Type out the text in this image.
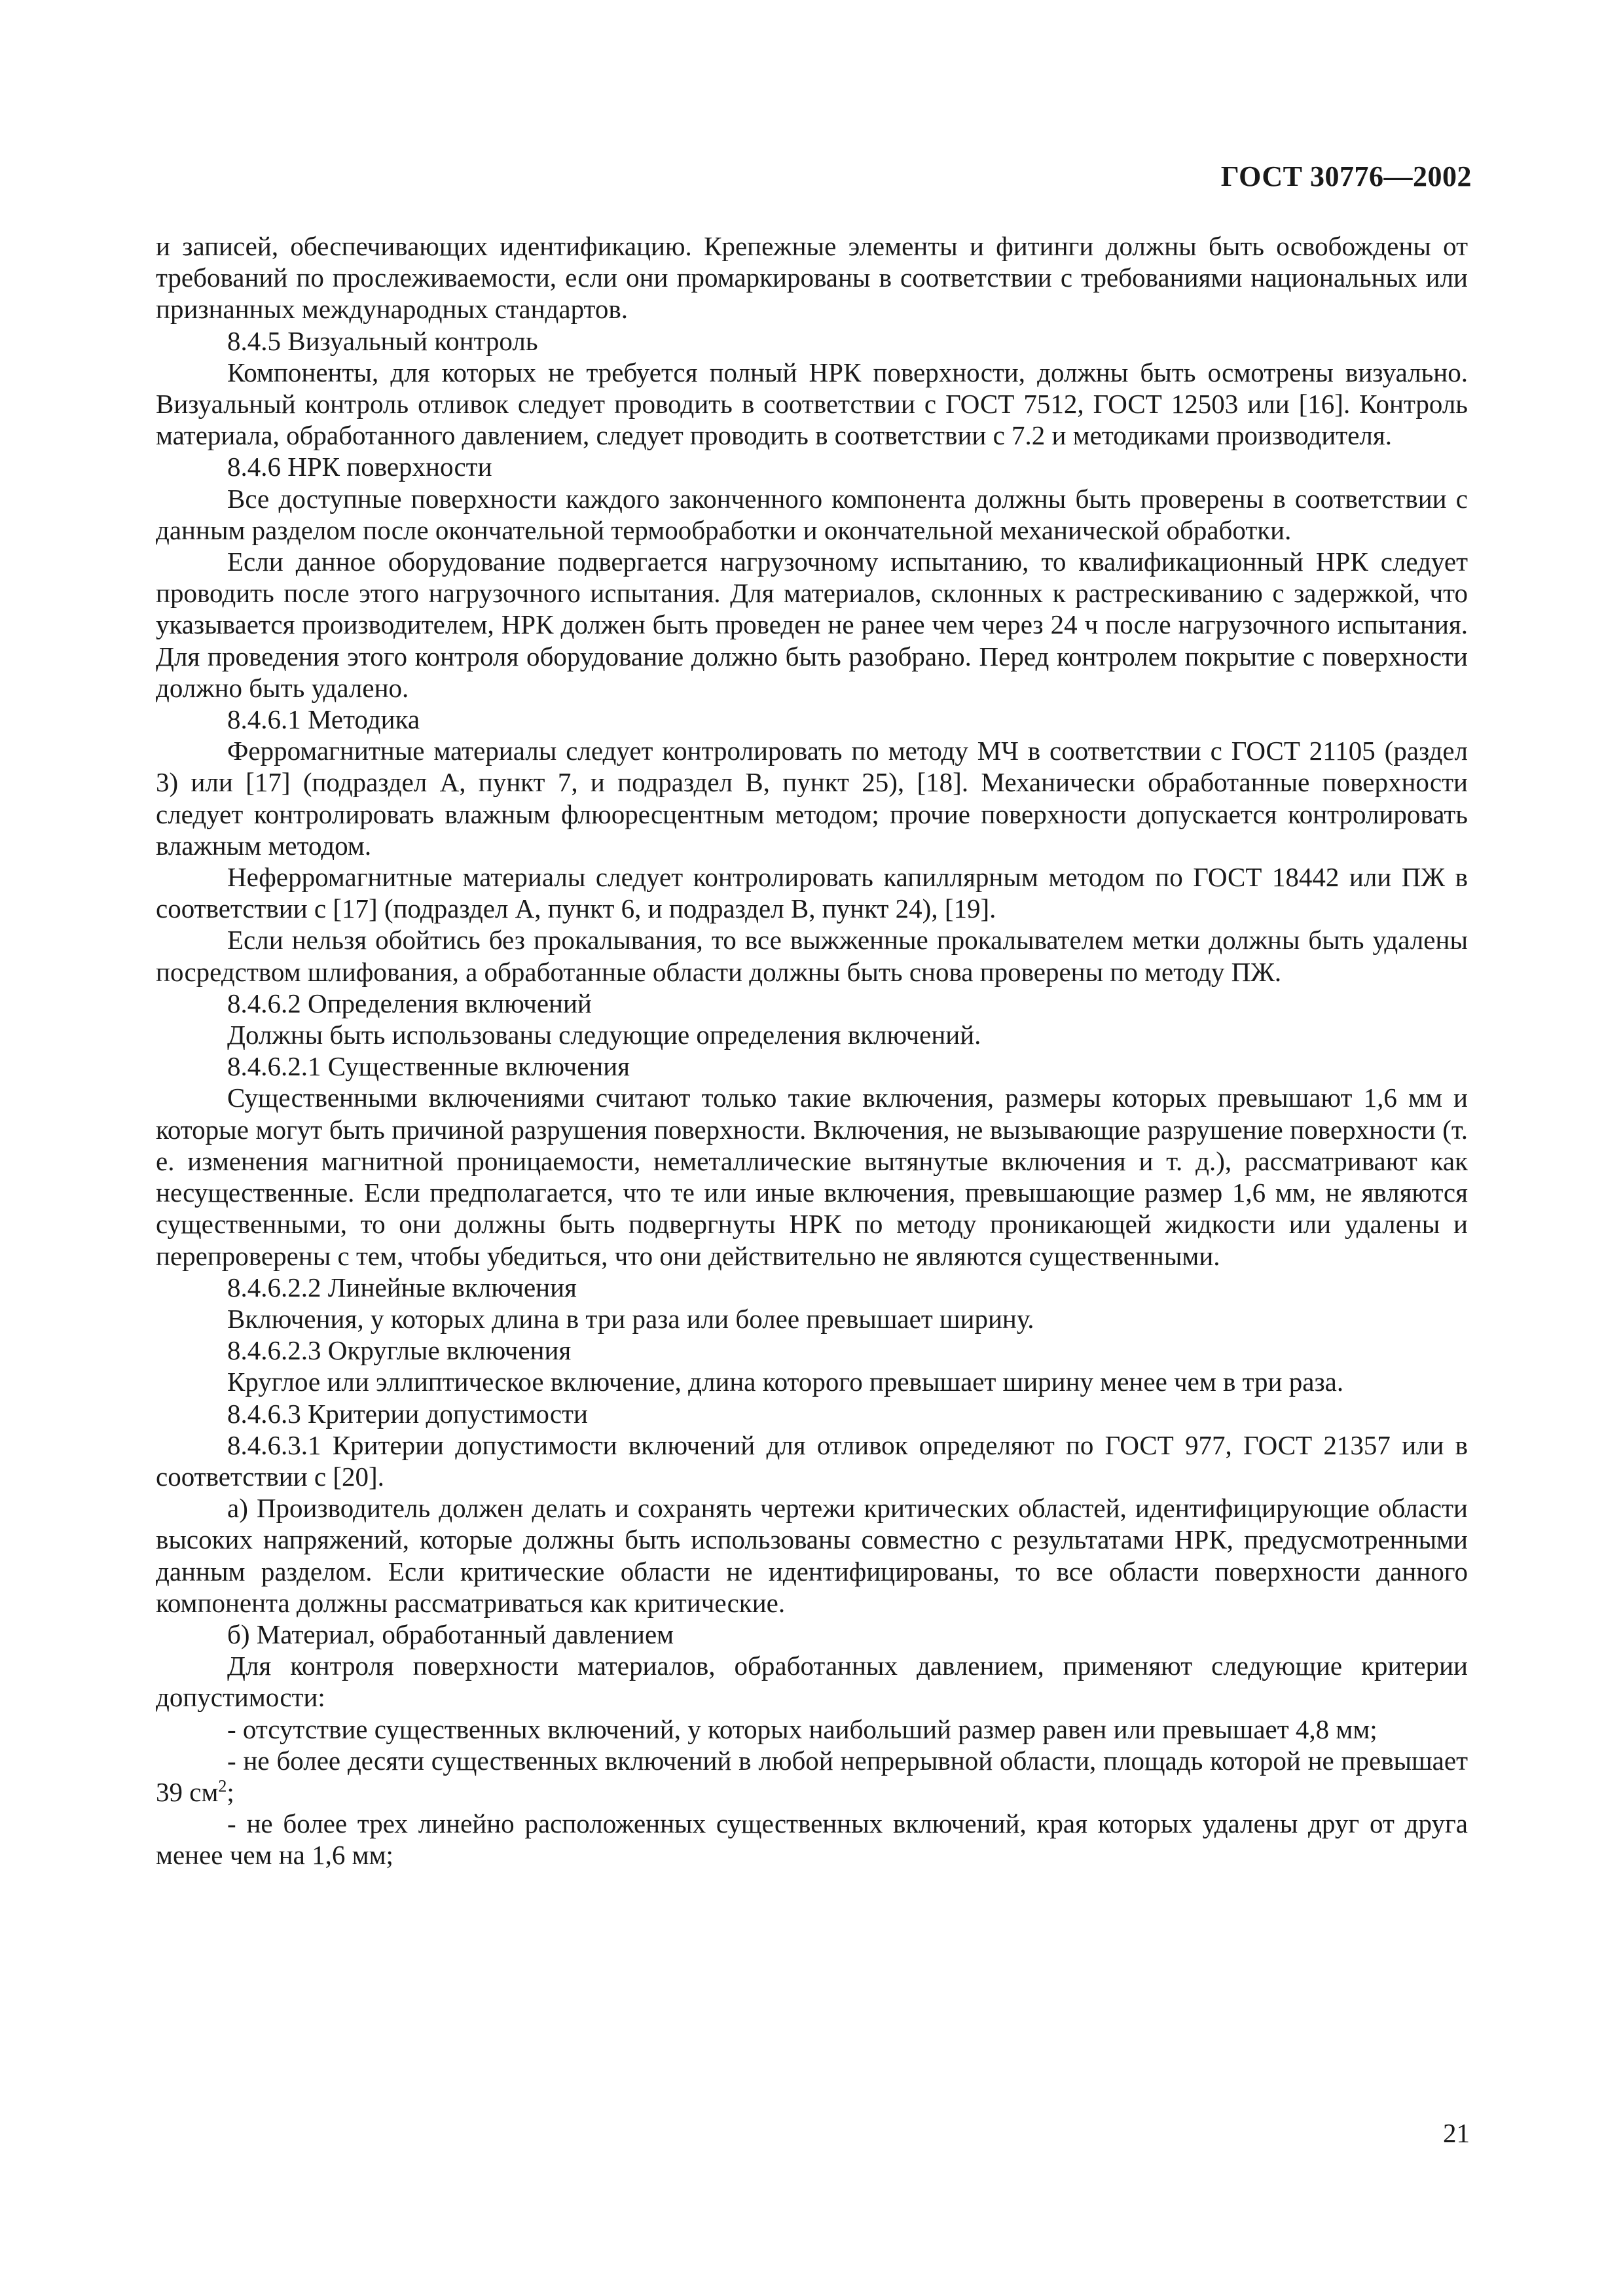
ГОСТ 30776—2002

и записей, обеспечивающих идентификацию. Крепежные элементы и фитинги должны быть освобождены от требований по прослеживаемости, если они промаркированы в соответствии с требованиями национальных или признанных международных стандартов.

8.4.5 Визуальный контроль

Компоненты, для которых не требуется полный НРК поверхности, должны быть осмотрены визуально. Визуальный контроль отливок следует проводить в соответствии с ГОСТ 7512, ГОСТ 12503 или [16]. Контроль материала, обработанного давлением, следует проводить в соответствии с 7.2 и методиками производителя.

8.4.6 НРК поверхности

Все доступные поверхности каждого законченного компонента должны быть проверены в соответствии с данным разделом после окончательной термообработки и окончательной механической обработки.

Если данное оборудование подвергается нагрузочному испытанию, то квалификационный НРК следует проводить после этого нагрузочного испытания. Для материалов, склонных к растрескиванию с задержкой, что указывается производителем, НРК должен быть проведен не ранее чем через 24 ч после нагрузочного испытания. Для проведения этого контроля оборудование должно быть разобрано. Перед контролем покрытие с поверхности должно быть удалено.

8.4.6.1 Методика

Ферромагнитные материалы следует контролировать по методу МЧ в соответствии с ГОСТ 21105 (раздел 3) или [17] (подраздел А, пункт 7, и подраздел В, пункт 25), [18]. Механически обработанные поверхности следует контролировать влажным флюоресцентным методом; прочие поверхности допускается контролировать влажным методом.

Неферромагнитные материалы следует контролировать капиллярным методом по ГОСТ 18442 или ПЖ в соответствии с [17] (подраздел А, пункт 6, и подраздел В, пункт 24), [19].

Если нельзя обойтись без прокалывания, то все выжженные прокалывателем метки должны быть удалены посредством шлифования, а обработанные области должны быть снова проверены по методу ПЖ.

8.4.6.2 Определения включений

Должны быть использованы следующие определения включений.

8.4.6.2.1 Существенные включения

Существенными включениями считают только такие включения, размеры которых превышают 1,6 мм и которые могут быть причиной разрушения поверхности. Включения, не вызывающие разрушение поверхности (т. е. изменения магнитной проницаемости, неметаллические вытянутые включения и т. д.), рассматривают как несущественные. Если предполагается, что те или иные включения, превышающие размер 1,6 мм, не являются существенными, то они должны быть подвергнуты НРК по методу проникающей жидкости или удалены и перепроверены с тем, чтобы убедиться, что они действительно не являются существенными.

8.4.6.2.2 Линейные включения

Включения, у которых длина в три раза или более превышает ширину.

8.4.6.2.3 Округлые включения

Круглое или эллиптическое включение, длина которого превышает ширину менее чем в три раза.

8.4.6.3 Критерии допустимости

8.4.6.3.1 Критерии допустимости включений для отливок определяют по ГОСТ 977, ГОСТ 21357 или в соответствии с [20].

а) Производитель должен делать и сохранять чертежи критических областей, идентифицирующие области высоких напряжений, которые должны быть использованы совместно с результатами НРК, предусмотренными данным разделом. Если критические области не идентифицированы, то все области поверхности данного компонента должны рассматриваться как критические.

б) Материал, обработанный давлением

Для контроля поверхности материалов, обработанных давлением, применяют следующие критерии допустимости:

- отсутствие существенных включений, у которых наибольший размер равен или превышает 4,8 мм;

- не более десяти существенных включений в любой непрерывной области, площадь которой не превышает 39 $см^2$;

- не более трех линейно расположенных существенных включений, края которых удалены друг от друга менее чем на 1,6 мм;

21
